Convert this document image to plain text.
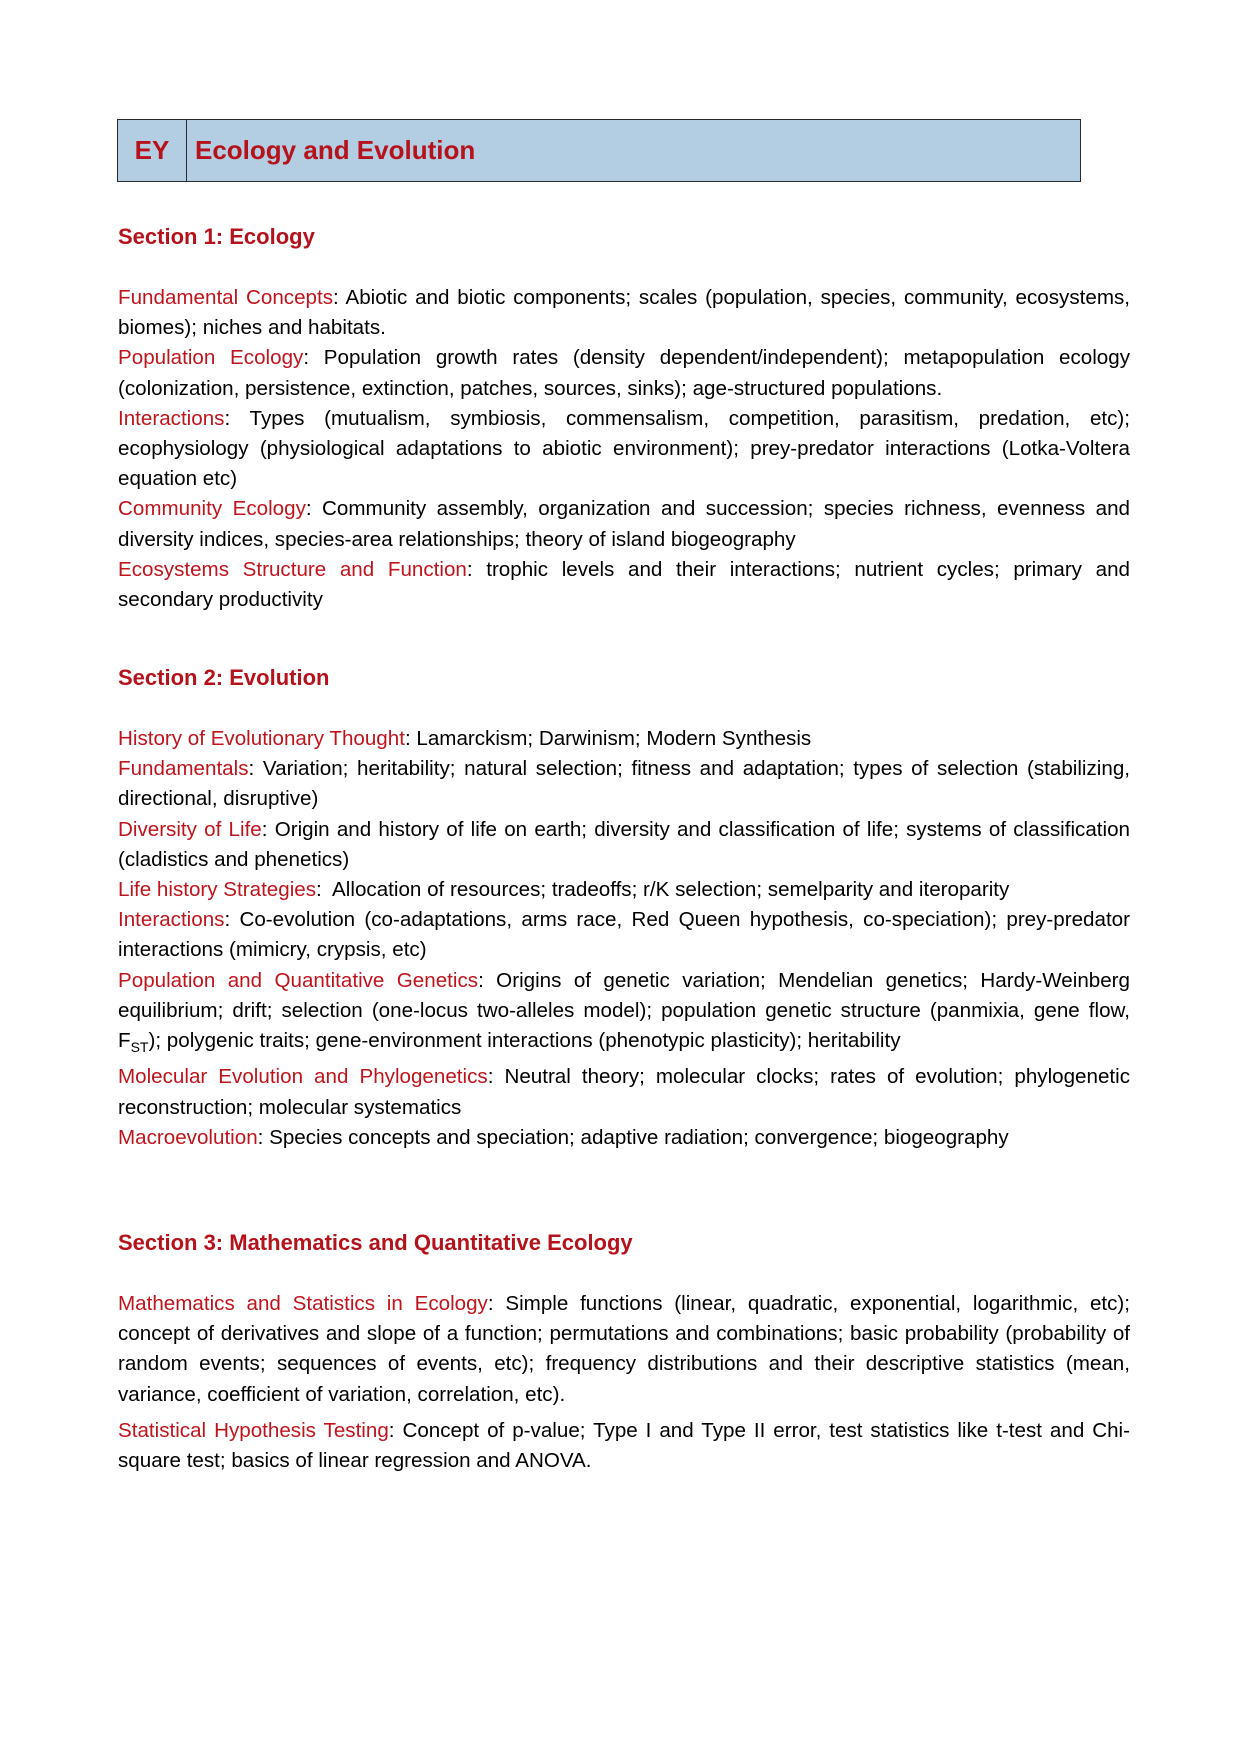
EY Ecology and Evolution

Section 1: Ecology

Fundamental Concepts: Abiotic and biotic components; scales (population, species, community, ecosystems, biomes); niches and habitats.

Population Ecology: Population growth rates (density dependent/independent); metapopulation ecology (colonization, persistence, extinction, patches, sources, sinks); age-structured populations.

Interactions: Types (mutualism, symbiosis, commensalism, competition, parasitism, predation, etc); ecophysiology (physiological adaptations to abiotic environment); prey-predator interactions (Lotka-Voltera equation etc)

Community Ecology: Community assembly, organization and succession; species richness, evenness and diversity indices, species-area relationships; theory of island biogeography

Ecosystems Structure and Function: trophic levels and their interactions; nutrient cycles; primary and secondary productivity

Section 2: Evolution

History of Evolutionary Thought: Lamarckism; Darwinism; Modern Synthesis

Fundamentals: Variation; heritability; natural selection; fitness and adaptation; types of selection (stabilizing, directional, disruptive)

Diversity of Life: Origin and history of life on earth; diversity and classification of life; systems of classification (cladistics and phenetics)

Life history Strategies:  Allocation of resources; tradeoffs; r/K selection; semelparity and iteroparity

Interactions: Co-evolution (co-adaptations, arms race, Red Queen hypothesis, co-speciation); prey-predator interactions (mimicry, crypsis, etc)

Population and Quantitative Genetics: Origins of genetic variation; Mendelian genetics; Hardy-Weinberg equilibrium; drift; selection (one-locus two-alleles model); population genetic structure (panmixia, gene flow, $F_{ST}$); polygenic traits; gene-environment interactions (phenotypic plasticity); heritability

Molecular Evolution and Phylogenetics: Neutral theory; molecular clocks; rates of evolution; phylogenetic reconstruction; molecular systematics

Macroevolution: Species concepts and speciation; adaptive radiation; convergence; biogeography

Section 3: Mathematics and Quantitative Ecology

Mathematics and Statistics in Ecology: Simple functions (linear, quadratic, exponential, logarithmic, etc); concept of derivatives and slope of a function; permutations and combinations; basic probability (probability of random events; sequences of events, etc); frequency distributions and their descriptive statistics (mean, variance, coefficient of variation, correlation, etc).

Statistical Hypothesis Testing: Concept of p-value; Type I and Type II error, test statistics like t-test and Chi-square test; basics of linear regression and ANOVA.
